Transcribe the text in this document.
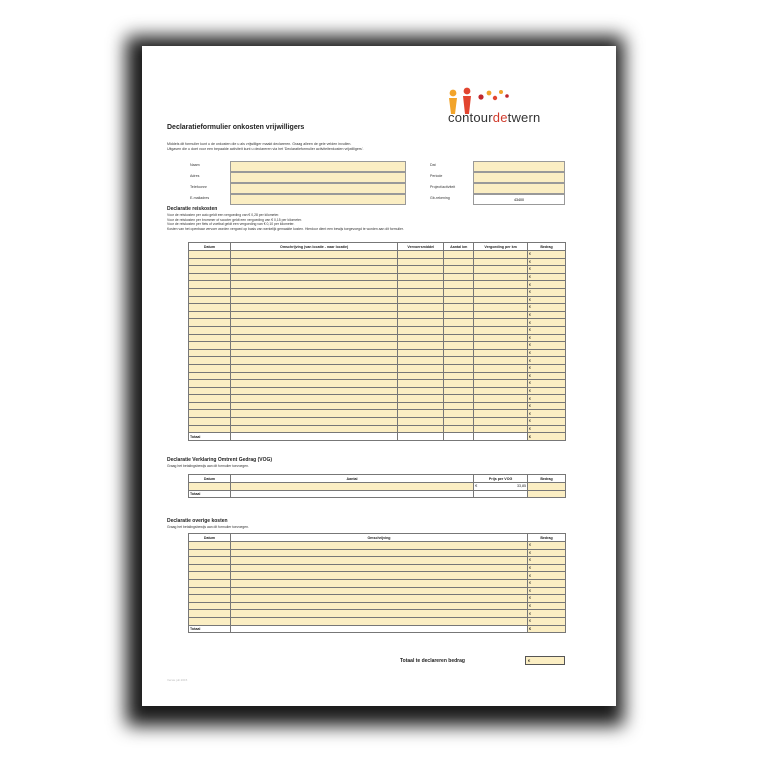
contourdetwern
Declaratieformulier onkosten vrijwilligers
Middels dit formulier kunt u de onkosten die u als vrijwilliger maakt declareren. Graag alleen de gele velden invullen.
Uitgaven die u doet voor een bepaalde activiteit kunt u declareren via het 'Declaratieformulier activiteitenkosten vrijwilligers'.
Naam
Adres
Telefoonnr
E-mailadres
Dat
Periode
Project/activiteit
Gb-rekening	43400
Declaratie reiskosten
Voor de reiskosten per auto geldt een vergoeding van € 0,28 per kilometer.
Voor de reiskosten per brommer of scooter geldt een vergoeding van € 0,15 per kilometer.
Voor de reiskosten per fiets of voetbal geldt een vergoeding van € 0,10 per kilometer.
Kosten van het openbaar vervoer worden vergoed op basis van werkelijk gemaakte kosten. Hierdoor dient een bewijs toegevoegd te worden aan dit formulier.
Datum	Omschrijving (van locatie - naar locatie)	Vervoersmiddel	Aantal km	Vergoeding per km	Bedrag
					€
					€
					€
					€
					€
					€
					€
					€
					€
					€
					€
					€
					€
					€
					€
					€
					€
					€
					€
					€
					€
					€
					€
					€
Totaal					€
Declaratie Verklaring Omtrent Gedrag (VOG)
Graag het betalingsbewijs aan dit formulier toevoegen.
Datum	Aantal	Prijs per VOG	Bedrag
		€ 33,85	

Totaal			
Declaratie overige kosten
Graag het betalingsbewijs aan dit formulier toevoegen.
Datum	Omschrijving	Bedrag
		€
		€
		€
		€
		€
		€
		€
		€
		€
		€
		€
Totaal		€
Totaal te declareren bedrag	€
Versie juli 2015
